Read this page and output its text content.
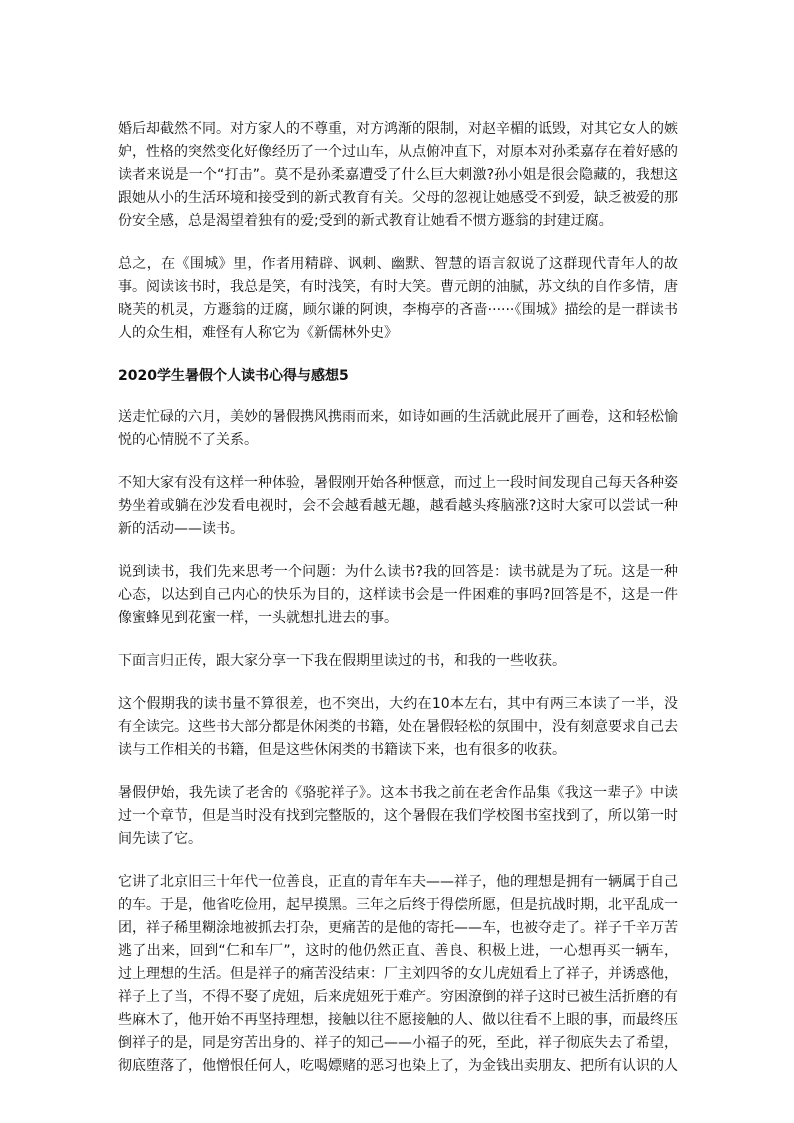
婚后却截然不同。对方家人的不尊重，对方鸿渐的限制，对赵辛楣的诋毁，对其它女人的嫉妒，性格的突然变化好像经历了一个过山车，从点俯冲直下，对原本对孙柔嘉存在着好感的读者来说是一个“打击”。莫不是孙柔嘉遭受了什么巨大刺激?孙小姐是很会隐藏的，我想这跟她从小的生活环境和接受到的新式教育有关。父母的忽视让她感受不到爱，缺乏被爱的那份安全感，总是渴望着独有的爱;受到的新式教育让她看不惯方遯翁的封建迂腐。

总之，在《围城》里，作者用精辟、讽刺、幽默、智慧的语言叙说了这群现代青年人的故事。阅读该书时，我总是笑，有时浅笑，有时大笑。曹元朗的油腻，苏文纨的自作多情，唐晓芙的机灵，方遯翁的迂腐，顾尔谦的阿谀，李梅亭的吝啬······《围城》描绘的是一群读书人的众生相，难怪有人称它为《新儒林外史》

2020学生暑假个人读书心得与感想5

送走忙碌的六月，美妙的暑假携风携雨而来，如诗如画的生活就此展开了画卷，这和轻松愉悦的心情脱不了关系。

不知大家有没有这样一种体验，暑假刚开始各种惬意，而过上一段时间发现自己每天各种姿势坐着或躺在沙发看电视时，会不会越看越无趣，越看越头疼脑涨?这时大家可以尝试一种新的活动——读书。

说到读书，我们先来思考一个问题：为什么读书?我的回答是：读书就是为了玩。这是一种心态，以达到自己内心的快乐为目的，这样读书会是一件困难的事吗?回答是不，这是一件像蜜蜂见到花蜜一样，一头就想扎进去的事。

下面言归正传，跟大家分享一下我在假期里读过的书，和我的一些收获。

这个假期我的读书量不算很差，也不突出，大约在10本左右，其中有两三本读了一半，没有全读完。这些书大部分都是休闲类的书籍，处在暑假轻松的氛围中，没有刻意要求自己去读与工作相关的书籍，但是这些休闲类的书籍读下来，也有很多的收获。

暑假伊始，我先读了老舍的《骆驼祥子》。这本书我之前在老舍作品集《我这一辈子》中读过一个章节，但是当时没有找到完整版的，这个暑假在我们学校图书室找到了，所以第一时间先读了它。

它讲了北京旧三十年代一位善良，正直的青年车夫——祥子，他的理想是拥有一辆属于自己的车。于是，他省吃俭用，起早摸黑。三年之后终于得偿所愿，但是抗战时期，北平乱成一团，祥子稀里糊涂地被抓去打杂，更痛苦的是他的寄托——车，也被夺走了。祥子千辛万苦逃了出来，回到“仁和车厂”，这时的他仍然正直、善良、积极上进，一心想再买一辆车，过上理想的生活。但是祥子的痛苦没结束：厂主刘四爷的女儿虎妞看上了祥子，并诱惑他，祥子上了当，不得不娶了虎妞，后来虎妞死于难产。穷困潦倒的祥子这时已被生活折磨的有些麻木了，他开始不再坚持理想，接触以往不愿接触的人、做以往看不上眼的事，而最终压倒祥子的是，同是穷苦出身的、祥子的知己——小福子的死，至此，祥子彻底失去了希望，彻底堕落了，他憎恨任何人，吃喝嫖赌的恶习也染上了，为金钱出卖朋友、把所有认识的人
